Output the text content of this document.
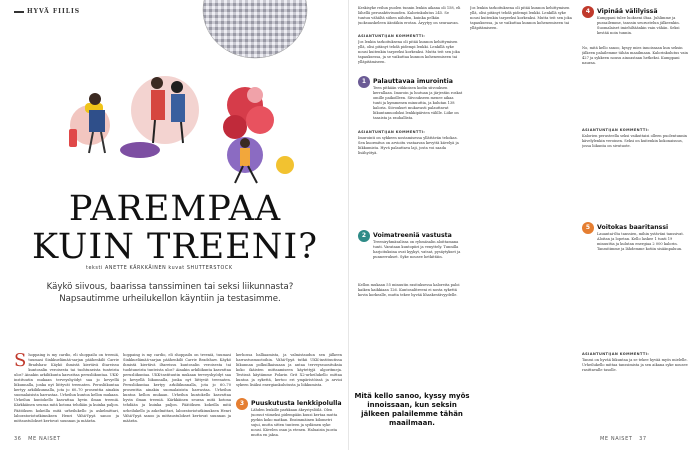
HYVÄ FIILIS
PAREMPAA
KUIN TREENI?
teksti ANETTE KÄRKKÄINEN kuvat SHUTTERSTOCK
Käykö siivous, baarissa tanssiminen tai seksi liikunnasta? Napsautimme urheilukellon käyntiin ja testasimme.
S hoppaing is my cardio, eli shoppailu on treeniä, tuumasi Sinkkuelämää-sarjan päähenkilö Carrie Bradshaw. Käykö ihmistä kiertävä iltareissu kuntosalin veroisesta tai tuohtuneista tunteista ulos? Ainakin arkiliikunta kasvattaa perusliikuntaa. UKK-instituutin mukaan terveyshyödyt saa jo kevyellä liikunnalla, jonka nyt liittyvät treenaten. Perusliikuntaa kertyy arkiliikunnalla, jota jo 60–70 prosenttia ainakin suomalaisista harrastaa. Urheilun kuntoa kellon mukaan. Urheilun kuntokello kasvattaa hyvin ilman treeniä. Kärkkäinen seuraa mitä kotona tehdään ja kuinka paljon. Päätöksen kokeilla mitä urheilukello ja askelmittari, laboratoriotutkimuksen Henri Vähä-Ypyä sanoo ja mittaustulokset kertovat suunnan ja määrän.
hoppaing is my cardio, eli shoppailu on treeniä, tuumasi Sinkkuelämää-sarjan päähenkilö Carrie Bradshaw. Käykö ihmistä kiertävä iltareissu kuntosalin veroisesta tai tuohtuneista tunteista ulos? Ainakin arkiliikunta kasvattaa perusliikuntaa. UKK-instituutin mukaan terveyshyödyt saa jo kevyellä liikunnalla, jonka nyt liittyvät treenaten. Perusliikuntaa kertyy arkiliikunnalla, jota jo 60–70 prosenttia ainakin suomalaisista harrastaa. Urheilun kuntoa kellon mukaan. Urheilun kuntokello kasvattaa hyvin ilman treeniä. Kärkkäinen seuraa mitä kotona tehdään ja kuinka paljon. Päätöksen kokeilla mitä urheilukello ja askelmittari, laboratoriotutkimuksen Henri Vähä-Ypyä sanoo ja mittaustulokset kertovat suunnan ja määrän.
kerhossa balliaamista, ja valmistaudun sen jälkeen harrastusmuotoihin. Vähä-Ypyä tutkii UKK-instituutissa liikunnan polkuilkaisuaan ja antaa terveyssuosituksia koko ikäisten mittaamiseen käytettyjä algoritmeja. Testissä käytämme Polarin Grit X2-urheilukello mittaa kuntoa ja sykettä, kertoo eri ympäristöissä ja arvioi sykeen lisäksi energiankulutusta ja liikkumista.
3	Puuskutusta lenkkipolulla
Lähden lenkille parkkaan äkrystyslöilä. Olen juossut viimeksi pidempään kuusi kertaa mutta pyrkin koko matkan. Ensimmäinen kilometri sujui, mutta sitten tunteen ja sydämen syke nousi. Kävelen osan ja etenen. Haluaisin juosta mutta en jaksa.
36 ME NAISET
Keskisyke reilun puolen tunnin lenkin aikana oli 158, eli lähellä perusaktivisuuden. Kalorinkulutus 245. Se tuntuu vähältä siihen nähden, kuinka pelkän juoksuaskeleen ääntäkin erotan. Äryytyy on seuraavan.
ASIANTUNTIJAN KOMMENTTI:
Jos lenkin tarkoituksena oli pitää kunnon kehittymisen yllä, olisi pitänyt tehdä pidempi lenkki. Lenkillä syke nousi kuitenkin tarpeeksi korkeaksi. Mutta teit sen joka tapauksessa, ja se vaikuttaa kunnon kohenemiseen tai ylläpitämiseen.
1	Palauttavaa imurointia
Teen pitkään viikkoisen kodin siivouksen kerrallaan. Imuroin ja luutuan ja järjestän roskat omille paikoilleen. Siivoukseen menee aikaa tunti ja kymmenen minuuttia, ja kulutan 138 kaloria. Siivoukset mukavasti palauttavat liikuntamuodoksi lenkkipäivien välille. Liike on tasaista ja rauhallista.
ASIANTUNTIJAN KOMMENTTI:
Imurointi on sykkeen nostamisessa yllättävän tehokas. Sen kuormitus on arvioitu vastaavan kevyttä kävelyä ja liikkumista. Hyvä palauttava laji, josta voi saada lisähyötyä.
2	Voimatreeniä vastusta
Treeniryhmäsalissa on ryhmäsalin aloittamana tunti. Varataan kuntopiiri ja venyttely. Tunnilla harjoituksina ovat kyykyt, vatsat, pysäytykset ja punnerrukset. Syke nousee hetkittäin.
Kellon mukaan 55 minuutin rasituksessa kaloreita paloi kaiken kaikkiaan 126. Kuntosalitreeni ei nosta sykettä kovin korkealle, mutta tekee hyvää lihaskestävyydelle.
Mitä kello sanoo, kyssy myös innoissaan, kun seksin jälkeen palailemme tähän maailmaan.
Jos lenkin tarkoituksena oli pitää kunnon kehittymisen yllä, olisi pitänyt tehdä pidempi lenkki. Lenkillä syke nousi kuitenkin tarpeeksi korkeaksi. Mutta teit sen joka tapauksessa, ja se vaikuttaa kunnon kohenemiseen tai ylläpitämiseen.
4	Vipinää välilyissä
Kumppani tulee luokseni iltaa. Juhlimme ja pussailemme, tanssin seurustelun jälkeenkin. Suomalaiset imiehiltäänkin vain vähän. Seksi kestää noin tunnin.
No, mitä kello sanoo, kysyy mies innoissaan kun seksin jälkeen palailemme tähän maailmaan. Kalorinkulutus vain 427 ja sykkeen nousu ainoastaan hetkeksi. Kumppani nauraa.
ASIANTUNTIJAN KOMMENTTI:
Kalorien perusteella seksi vaikuttaisi olleen puolentunnin kävelylenkin veroinen. Seksi on kuitenkin kokonaisuus, jossa liikunta on sivutuote.
5	Voitokas baaritanssi
Lauantai-ilta tanssien, mihin ystäväni tanssivat. Aloitan ja lopetan. Kello laskee 1 tunti 19 minuuttia ja kulutan energiaa 2 000 kalorin. Tanssitimme ja lähdemme kotiin sisäänpaluun.
ASIANTUNTIJAN KOMMENTTI:
Tanssi on hyvää liikuntaa ja se tekee hyvää myös mielelle. Urheilukello mittaa tanssimista ja sen aikana syke nousee rasittavalle tasolle.
ME NAISET 37
